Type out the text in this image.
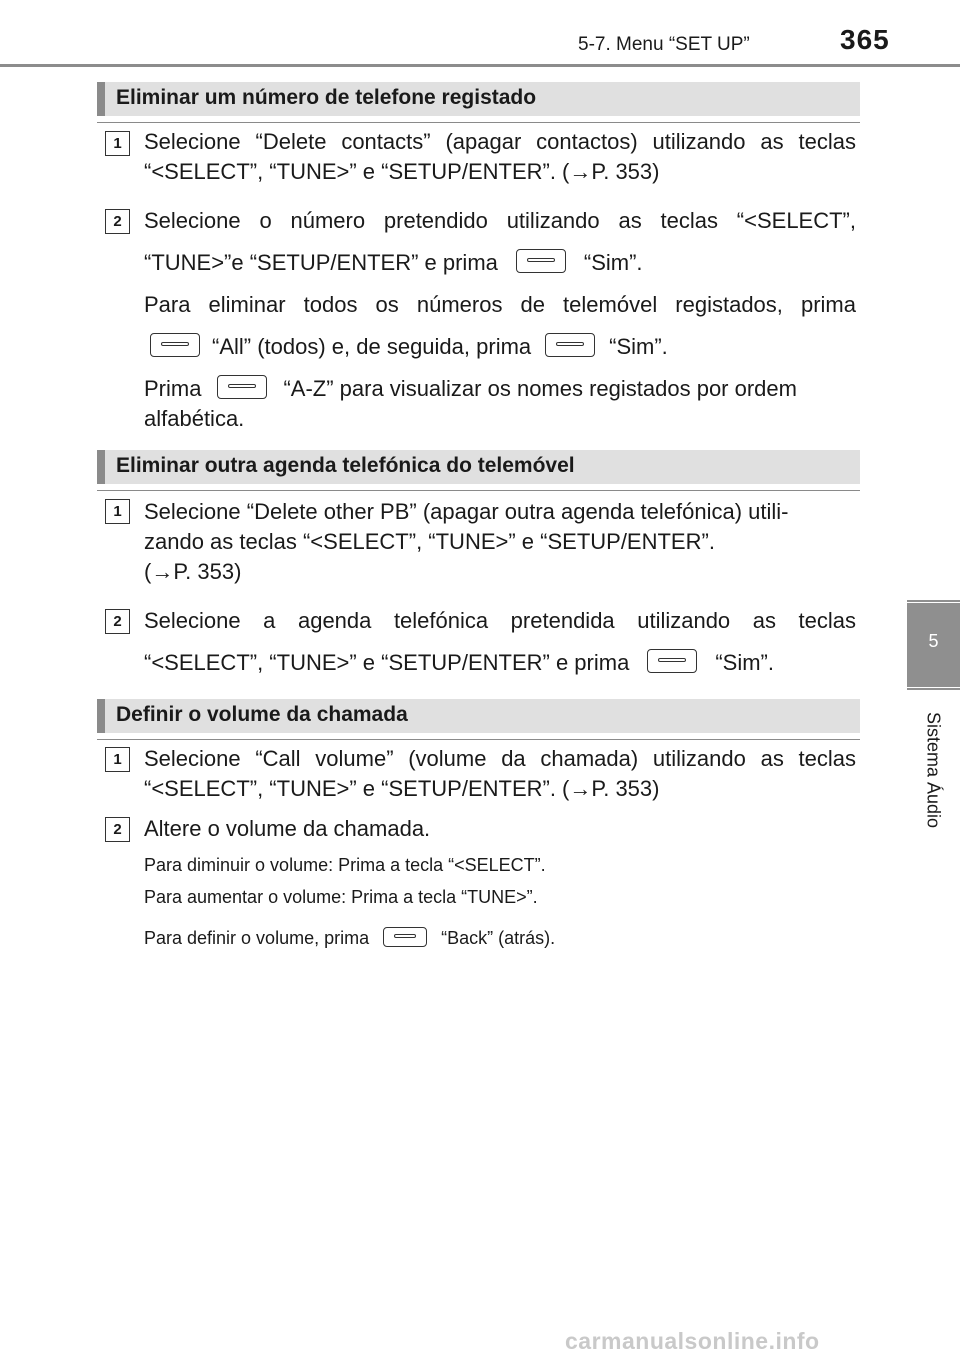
5-7. Menu “SET UP”	365
5
Sistema Áudio
Eliminar um número de telefone registado
1	Selecione “Delete contacts” (apagar contactos) utilizando as teclas “<SELECT”, “TUNE>” e “SETUP/ENTER”. (→P. 353)
2	Selecione o número pretendido utilizando as teclas “<SELECT”,
“TUNE>”e “SETUP/ENTER” e prima	“Sim”.
Para eliminar todos os números de telemóvel registados, prima
“All” (todos) e, de seguida, prima	“Sim”.
Prima	“A-Z” para visualizar os nomes registados por ordem
alfabética.
Eliminar outra agenda telefónica do telemóvel
1	Selecione “Delete other PB” (apagar outra agenda telefónica) utili-
zando as teclas “<SELECT”, “TUNE>” e “SETUP/ENTER”.
(→P. 353)
2	Selecione a agenda telefónica pretendida utilizando as teclas
“<SELECT”, “TUNE>” e “SETUP/ENTER” e prima	“Sim”.
Definir o volume da chamada
1	Selecione “Call volume” (volume da chamada) utilizando as teclas “<SELECT”, “TUNE>” e “SETUP/ENTER”. (→P. 353)
2	Altere o volume da chamada.
Para diminuir o volume: Prima a tecla “<SELECT”.
Para aumentar o volume: Prima a tecla “TUNE>”.
Para definir o volume, prima	“Back” (atrás).
carmanualsonline.info
